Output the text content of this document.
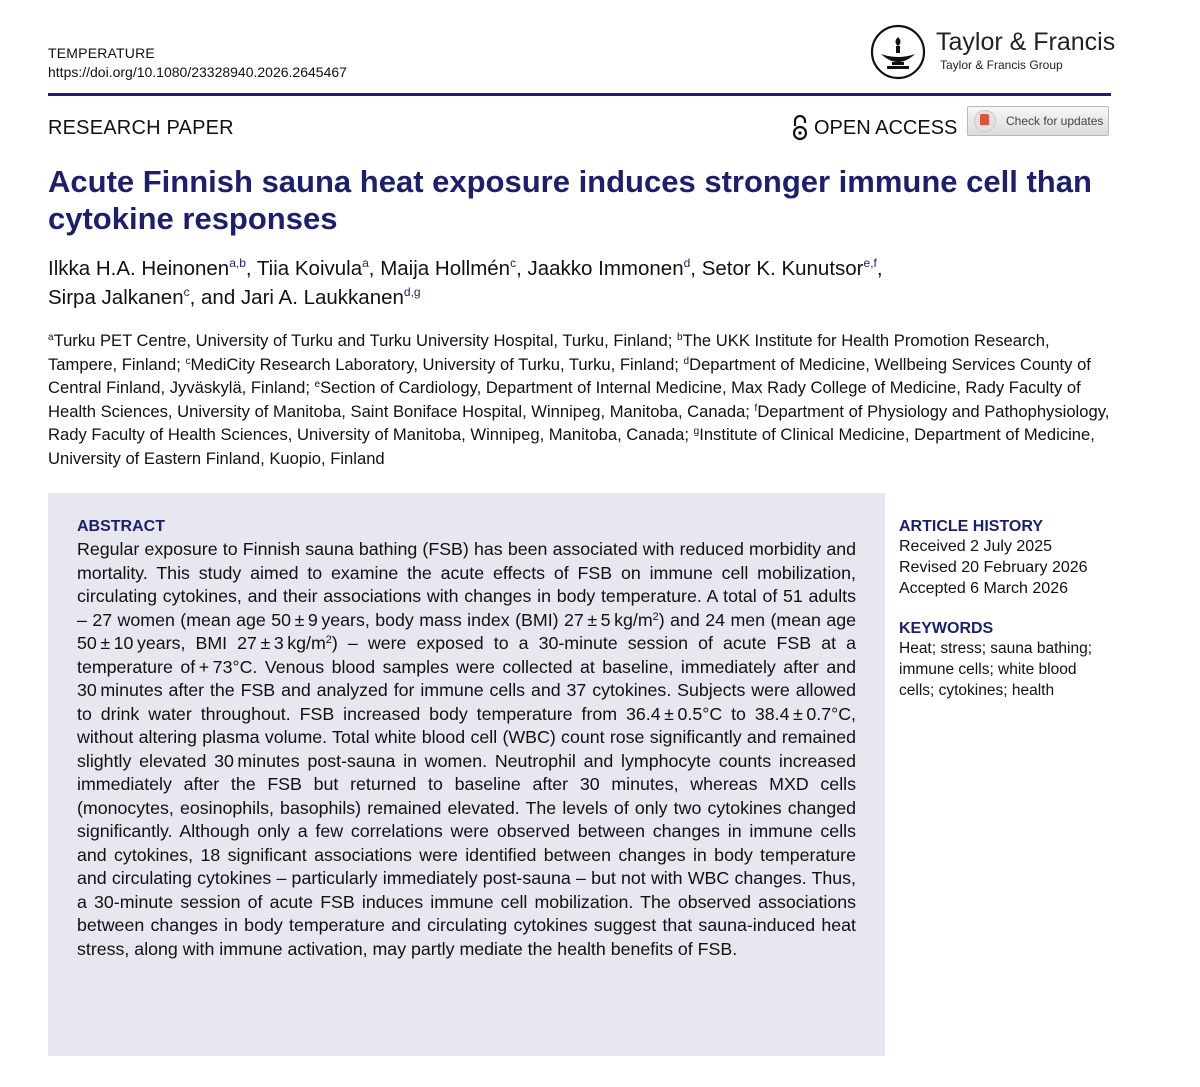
TEMPERATURE
https://doi.org/10.1080/23328940.2026.2645467
Taylor & Francis
Taylor & Francis Group
RESEARCH PAPER	OPEN ACCESS	Check for updates
Acute Finnish sauna heat exposure induces stronger immune cell than cytokine responses
Ilkka H.A. Heinonen$^{a,b}$, Tiia Koivula$^a$, Maija Hollmén$^c$, Jaakko Immonen$^d$, Setor K. Kunutsor$^{e,f}$,
Sirpa Jalkanen$^c$, and Jari A. Laukkanen$^{d,g}$
$^a$Turku PET Centre, University of Turku and Turku University Hospital, Turku, Finland; $^b$The UKK Institute for Health Promotion Research, Tampere, Finland; $^c$MediCity Research Laboratory, University of Turku, Turku, Finland; $^d$Department of Medicine, Wellbeing Services County of Central Finland, Jyväskylä, Finland; $^e$Section of Cardiology, Department of Internal Medicine, Max Rady College of Medicine, Rady Faculty of Health Sciences, University of Manitoba, Saint Boniface Hospital, Winnipeg, Manitoba, Canada; $^f$Department of Physiology and Pathophysiology, Rady Faculty of Health Sciences, University of Manitoba, Winnipeg, Manitoba, Canada; $^g$Institute of Clinical Medicine, Department of Medicine, University of Eastern Finland, Kuopio, Finland
ABSTRACT

Regular exposure to Finnish sauna bathing (FSB) has been associated with reduced morbidity and mortality. This study aimed to examine the acute effects of FSB on immune cell mobilization, circulating cytokines, and their associations with changes in body temperature. A total of 51 adults – 27 women (mean age 50 ± 9 years, body mass index (BMI) 27 ± 5 $kg/m^2$) and 24 men (mean age 50 ± 10 years, BMI 27 ± 3 $kg/m^2$) – were exposed to a 30-minute session of acute FSB at a temperature of + 73°C. Venous blood samples were collected at baseline, immediately after and 30 minutes after the FSB and analyzed for immune cells and 37 cytokines. Subjects were allowed to drink water throughout. FSB increased body temperature from 36.4 ± 0.5°C to 38.4 ± 0.7°C, without altering plasma volume. Total white blood cell (WBC) count rose significantly and remained slightly elevated 30 minutes post-sauna in women. Neutrophil and lymphocyte counts increased immediately after the FSB but returned to baseline after 30 minutes, whereas MXD cells (monocytes, eosinophils, basophils) remained elevated. The levels of only two cytokines changed significantly. Although only a few correlations were observed between changes in immune cells and cytokines, 18 significant associations were identified between changes in body temperature and circulating cytokines – particularly immediately post-sauna – but not with WBC changes. Thus, a 30-minute session of acute FSB induces immune cell mobilization. The observed associations between changes in body temperature and circulating cytokines suggest that sauna-induced heat stress, along with immune activation, may partly mediate the health benefits of FSB.

ARTICLE HISTORY
Received 2 July 2025
Revised 20 February 2026
Accepted 6 March 2026
KEYWORDS
Heat; stress; sauna bathing; immune cells; white blood cells; cytokines; health
